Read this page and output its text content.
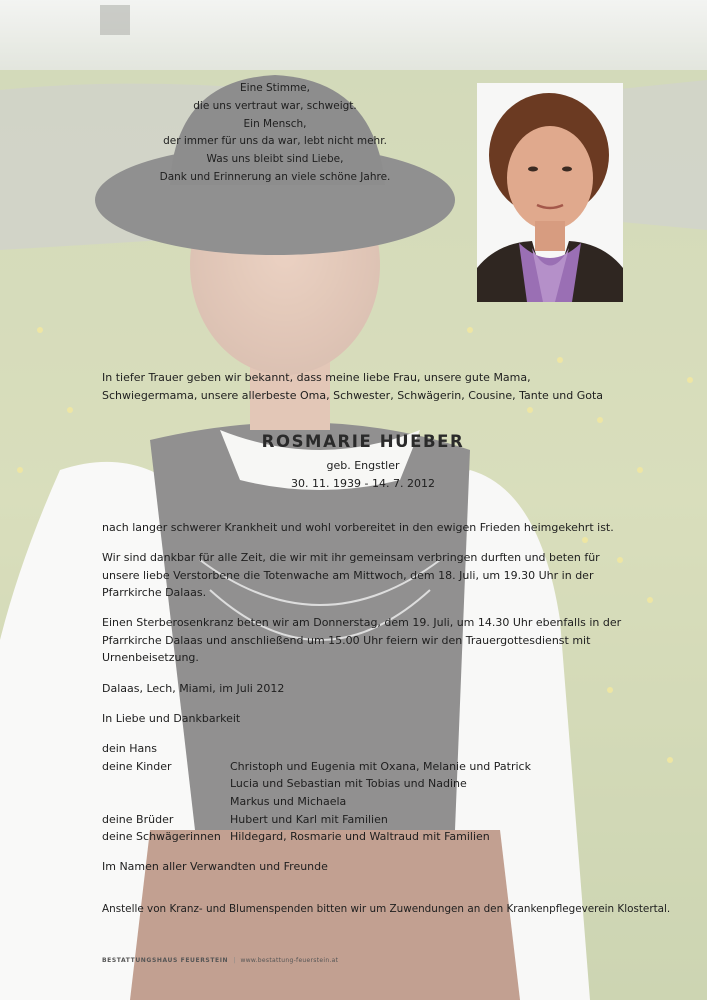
Eine Stimme,
die uns vertraut war, schweigt.
Ein Mensch,
der immer für uns da war, lebt nicht mehr.
Was uns bleibt sind Liebe,
Dank und Erinnerung an viele schöne Jahre.
In tiefer Trauer geben wir bekannt, dass meine liebe Frau, unsere gute Mama, Schwiegermama, unsere allerbeste Oma, Schwester, Schwägerin, Cousine, Tante und Gota
ROSMARIE HUEBER
geb. Engstler
30. 11. 1939 - 14. 7. 2012
nach langer schwerer Krankheit und wohl vorbereitet in den ewigen Frieden heimgekehrt ist.
Wir sind dankbar für alle Zeit, die wir mit ihr gemeinsam verbringen durften und beten für unsere liebe Verstorbene die Totenwache am Mittwoch, dem 18. Juli, um 19.30 Uhr in der Pfarrkirche Dalaas.
Einen Sterberosenkranz beten wir am Donnerstag, dem 19. Juli, um 14.30 Uhr ebenfalls in der Pfarrkirche Dalaas und anschließend um 15.00 Uhr feiern wir den Trauergottesdienst mit Urnenbeisetzung.
Dalaas, Lech, Miami, im Juli 2012
In Liebe und Dankbarkeit
dein Hans
deine Kinder	Christoph und Eugenia mit Oxana, Melanie und Patrick
Lucia und Sebastian mit Tobias und Nadine
Markus und Michaela
deine Brüder	Hubert und Karl mit Familien
deine Schwägerinnen Hildegard, Rosmarie und Waltraud mit Familien
Im Namen aller Verwandten und Freunde
Anstelle von Kranz- und Blumenspenden bitten wir um Zuwendungen an den Krankenpflegeverein Klostertal.
BESTATTUNGSHAUS FEUERSTEIN | www.bestattung-feuerstein.at
